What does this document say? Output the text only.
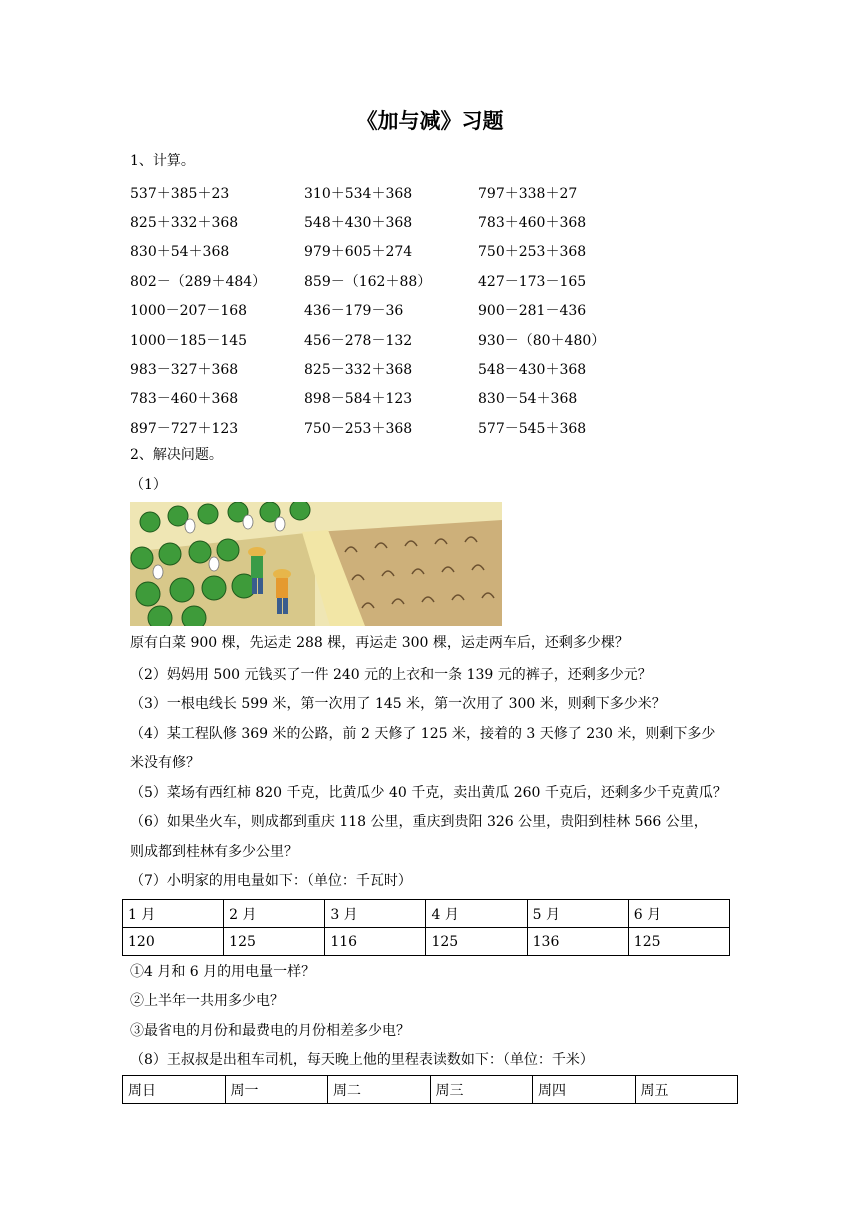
《加与减》习题
1、计算。
537＋385＋23	310＋534＋368	797＋338＋27
825＋332＋368	548＋430＋368	783＋460＋368
830＋54＋368	979＋605＋274	750＋253＋368
802－（289＋484）	859－（162＋88）	427－173－165
1000－207－168	436－179－36	900－281－436
1000－185－145	456－278－132	930－（80＋480）
983－327＋368	825－332＋368	548－430＋368
783－460＋368	898－584＋123	830－54＋368
897－727＋123	750－253＋368	577－545＋368
2、解决问题。
（1）
原有白菜 900 棵，先运走 288 棵，再运走 300 棵，运走两车后，还剩多少棵？
（2）妈妈用 500 元钱买了一件 240 元的上衣和一条 139 元的裤子，还剩多少元？
（3）一根电线长 599 米，第一次用了 145 米，第一次用了 300 米，则剩下多少米？
（4）某工程队修 369 米的公路，前 2 天修了 125 米，接着的 3 天修了 230 米，则剩下多少
米没有修？
（5）菜场有西红柿 820 千克，比黄瓜少 40 千克，卖出黄瓜 260 千克后，还剩多少千克黄瓜？
（6）如果坐火车，则成都到重庆 118 公里，重庆到贵阳 326 公里，贵阳到桂林 566 公里，
则成都到桂林有多少公里？
（7）小明家的用电量如下：（单位：千瓦时）
1 月	2 月	3 月	4 月	5 月	6 月
120	125	116	125	136	125
①4 月和 6 月的用电量一样？
②上半年一共用多少电？
③最省电的月份和最费电的月份相差多少电？
（8）王叔叔是出租车司机，每天晚上他的里程表读数如下：（单位：千米）
周日	周一	周二	周三	周四	周五
